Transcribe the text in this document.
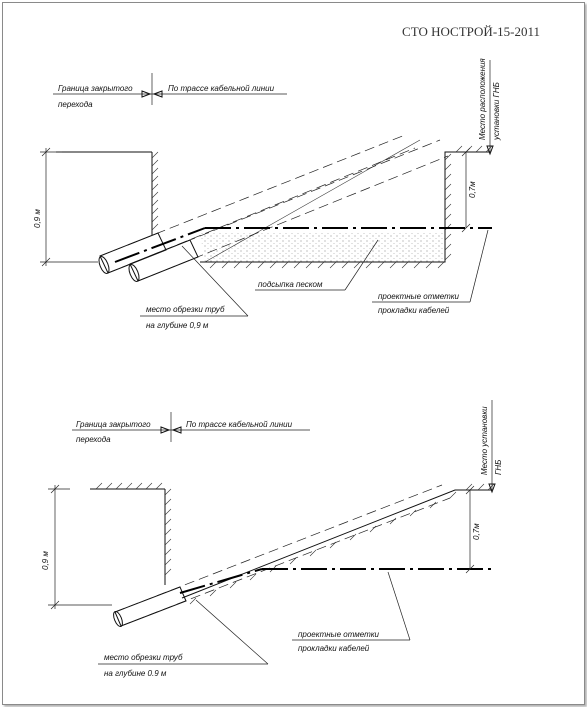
СТО НОСТРОЙ-15-2011
Граница закрытого
перехода
По трассе кабельной линии
0,9 м
0,7м
Место расположения установки ГНБ
подсыпка песком
проектные отметки
прокладки кабелей
место обрезки труб
на глубине 0,9 м
Граница закрытого
перехода
По трассе кабельной линии
0,9 м
0,7м
Место установки ГНБ
проектные отметки
прокладки кабелей
место обрезки труб
на глубине 0.9 м
